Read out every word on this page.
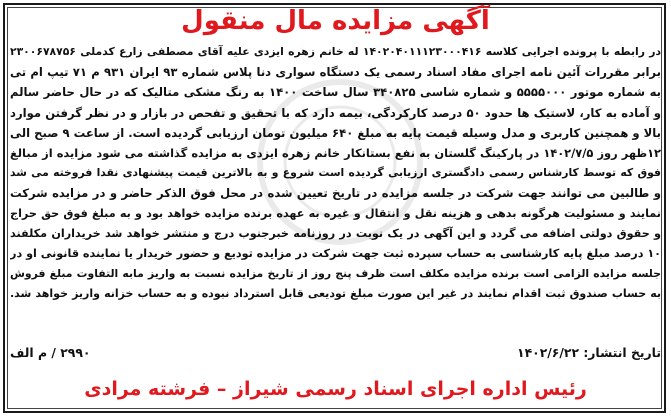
آگهی مزایده مال منقول
در رابطه با پرونده اجرایی کلاسه ۱۴۰۲۰۴۰۱۱۱۲۳۰۰۰۴۱۶ له خانم زهره ایزدی علیه آقای مصطفی زارع کدملی ۲۳۰۰۶۷۸۷۵۶
برابر مقررات آئین نامه اجرای مفاد اسناد رسمی یک دستگاه سواری دنا پلاس شماره ۹۳ ایران ۹۳۱ م ۷۱ تیپ ام تی
به شماره موتور ۵۵۵۵۰۰۰ و شماره شاسی ۳۴۰۸۲۵ سال ساخت ۱۴۰۰ به رنگ مشکی متالیک که در حال حاضر سالم
و آماده به کار، لاستیک ها حدود ۵۰ درصد کارکردگی، بیمه دارد که با تحقیق و تفحص در بازار و در نظر گرفتن موارد
بالا و همچنین کاربری و مدل وسیله قیمت پایه به مبلغ ۶۴۰ میلیون تومان ارزیابی گردیده است. از ساعت ۹ صبح الی
۱۲ظهر روز ۱۴۰۲/۷/۵ در پارکینگ گلستان به نفع بستانکار خانم زهره ایزدی به مزایده گذاشته می شود مزایده از مبالغ
فوق که توسط کارشناس رسمی دادگستری ارزیابی گردیده است شروع و به بالاترین قیمت پیشنهادی نقدا فروخته می شد
و طالبین می توانند جهت شرکت در جلسه مزایده در تاریخ تعیین شده در محل فوق الذکر حاضر و در مزایده شرکت
نمایند و مسئولیت هرگونه بدهی و هزینه نقل و انتقال و غیره به عهده برنده مزایده خواهد بود و به مبلغ فوق حق حراج
و حقوق دولتی اضافه می گردد و این آگهی در یک نوبت در روزنامه خبرجنوب درج و منتشر خواهد شد خریداران مکلفند
۱۰ درصد مبلغ پایه کارشناسی به حساب سپرده ثبت جهت شرکت در مزایده تودیع و حضور خریدار یا نماینده قانونی او در
جلسه مزایده الزامی است برنده مزایده مکلف است ظرف پنج روز از تاریخ مزایده نسبت به واریز مابه التفاوت مبلغ فروش
به حساب صندوق ثبت اقدام نمایند در غیر این صورت مبلغ تودیعی قابل استرداد نبوده و به حساب خزانه واریز خواهد شد.
تاریخ انتشار: ۱۴۰۲/۶/۲۲
۲۹۹۰ / م الف
رئیس اداره اجرای اسناد رسمی شیراز – فرشته مرادی
